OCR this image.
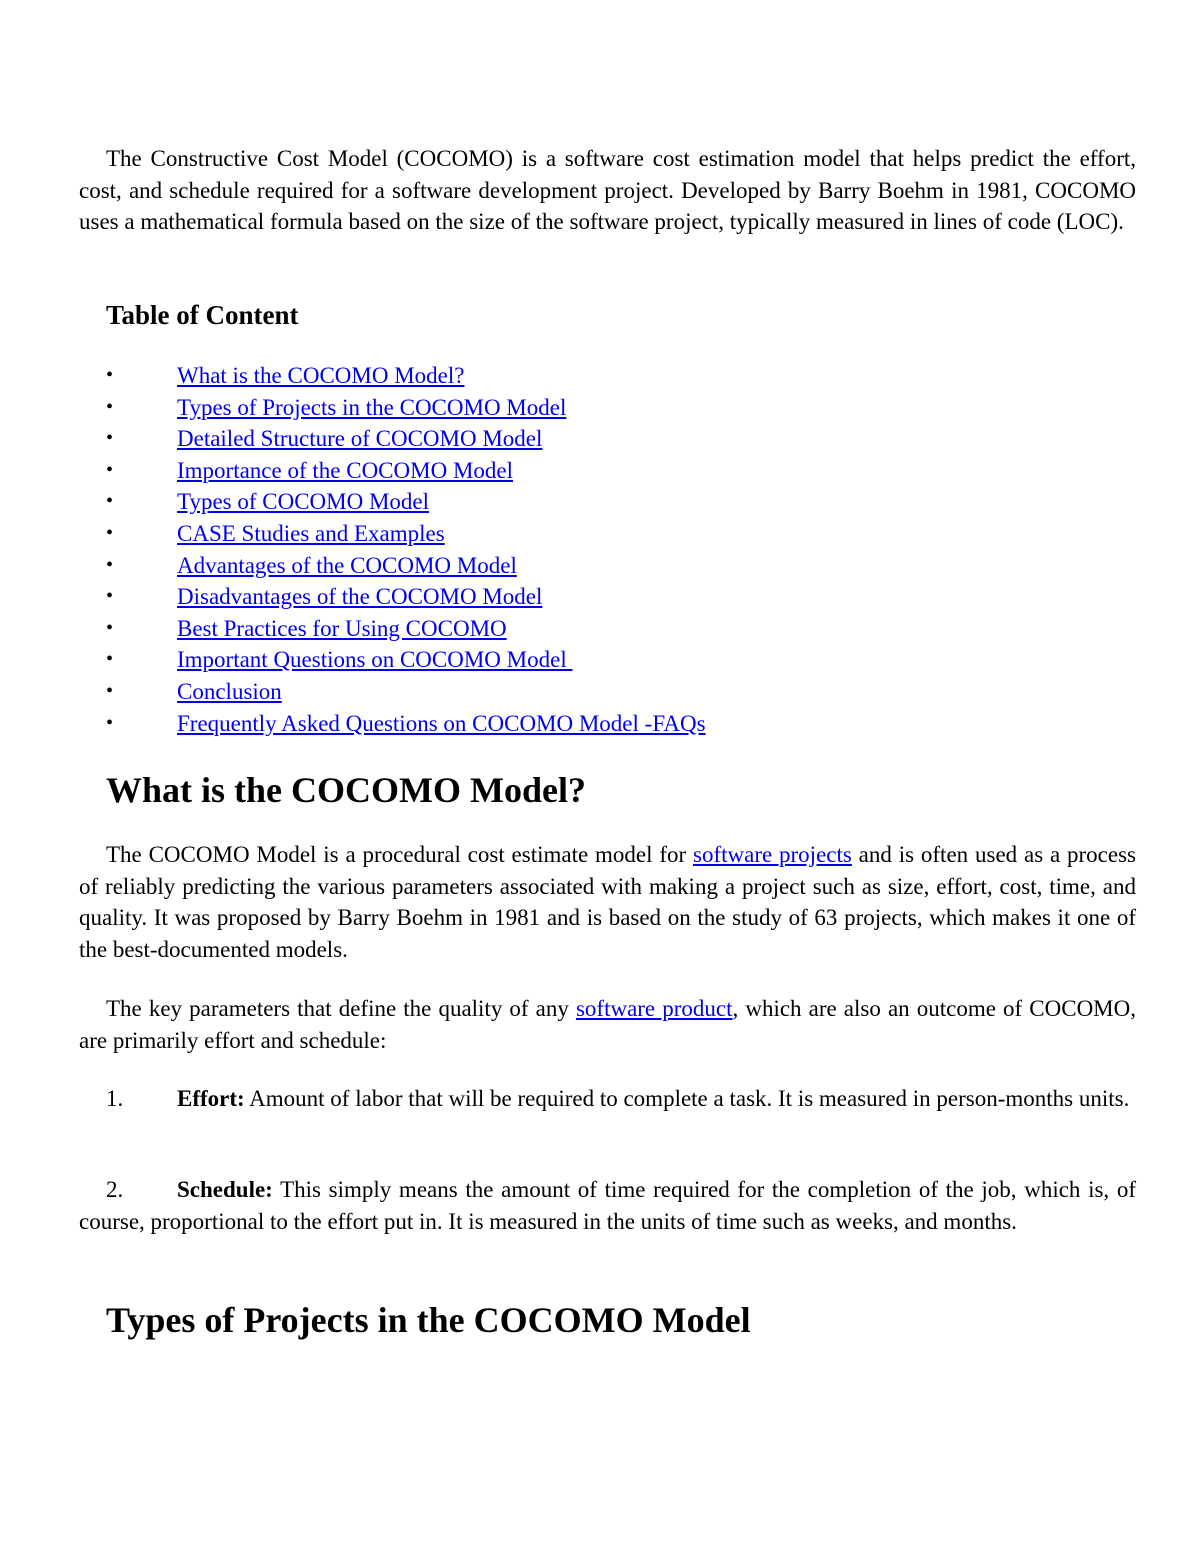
The Constructive Cost Model (COCOMO) is a software cost estimation model that helps predict the effort, cost, and schedule required for a software development project. Developed by Barry Boehm in 1981, COCOMO uses a mathematical formula based on the size of the software project, typically measured in lines of code (LOC).

Table of Content
•	What is the COCOMO Model?
•	Types of Projects in the COCOMO Model
•	Detailed Structure of COCOMO Model
•	Importance of the COCOMO Model
•	Types of COCOMO Model
•	CASE Studies and Examples
•	Advantages of the COCOMO Model
•	Disadvantages of the COCOMO Model
•	Best Practices for Using COCOMO
•	Important Questions on COCOMO Model
•	Conclusion
•	Frequently Asked Questions on COCOMO Model -FAQs
What is the COCOMO Model?

The COCOMO Model is a procedural cost estimate model for software projects and is often used as a process of reliably predicting the various parameters associated with making a project such as size, effort, cost, time, and quality. It was proposed by Barry Boehm in 1981 and is based on the study of 63 projects, which makes it one of the best-documented models.

The key parameters that define the quality of any software product, which are also an outcome of COCOMO, are primarily effort and schedule:

1. Effort: Amount of labor that will be required to complete a task. It is measured in person-months units.

2. Schedule: This simply means the amount of time required for the completion of the job, which is, of course, proportional to the effort put in. It is measured in the units of time such as weeks, and months.

Types of Projects in the COCOMO Model
